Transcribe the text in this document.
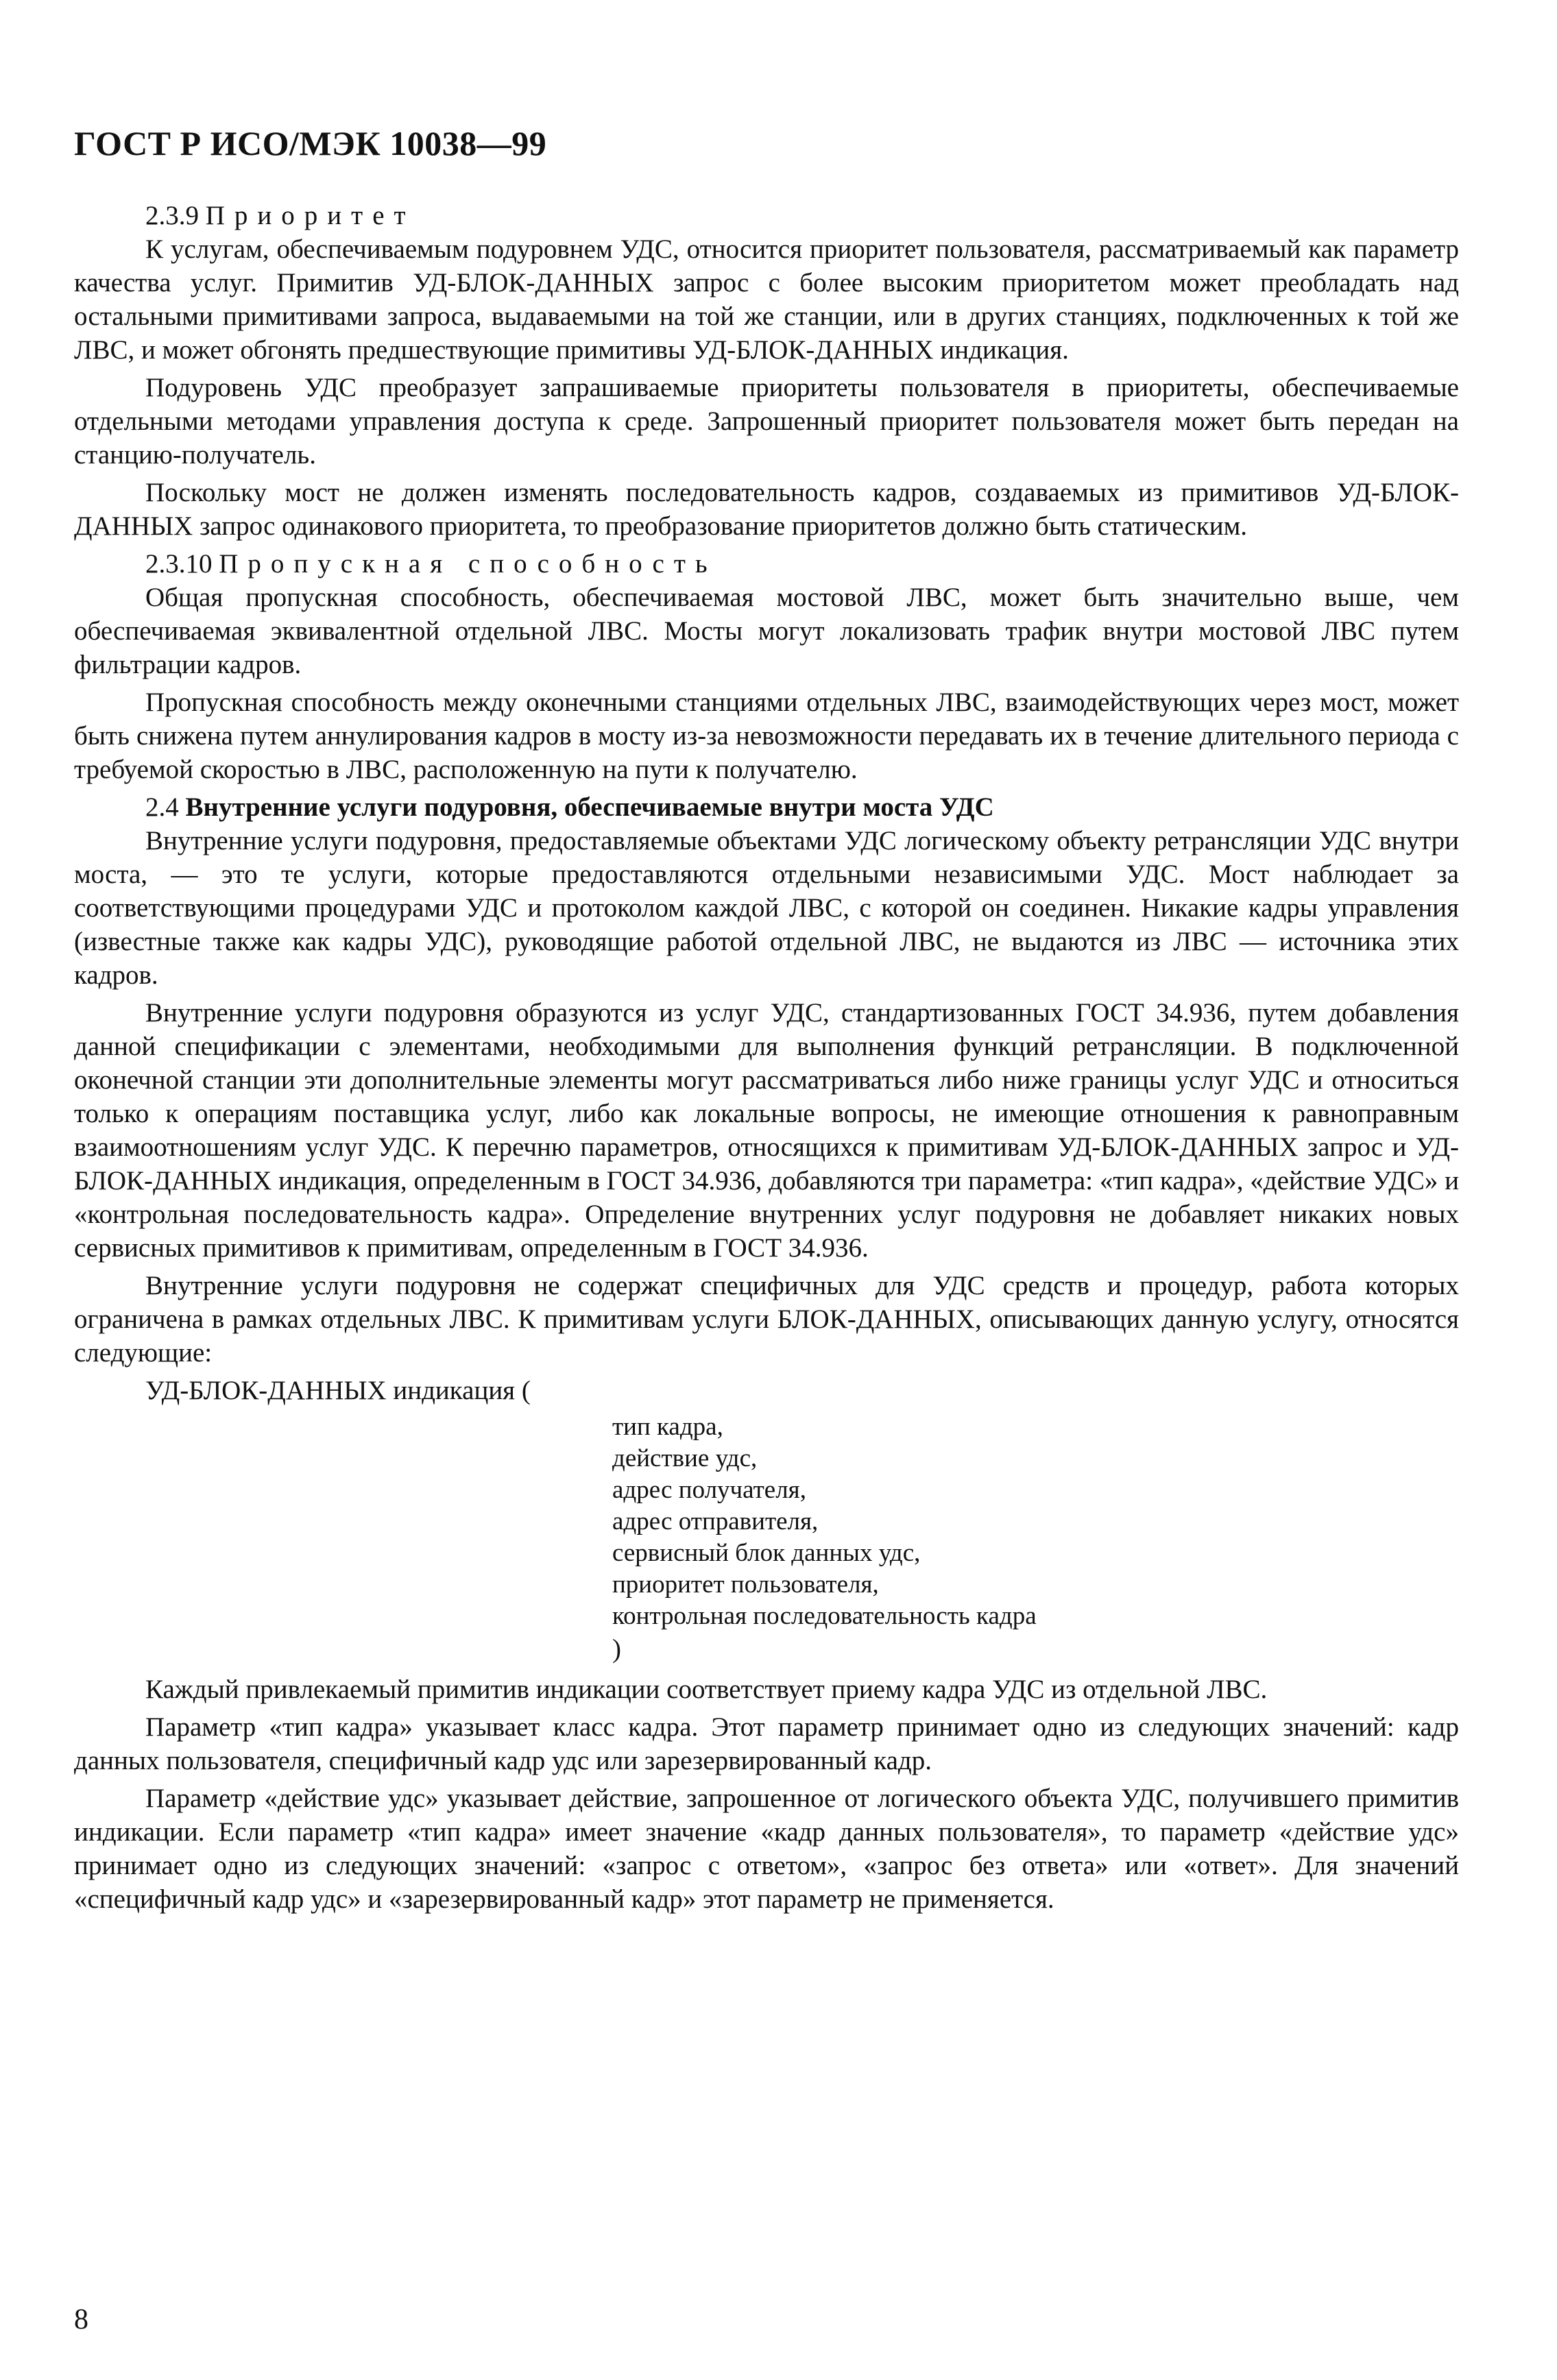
ГОСТ Р ИСО/МЭК 10038—99

2.3.9 Приоритет

К услугам, обеспечиваемым подуровнем УДС, относится приоритет пользователя, рассматриваемый как параметр качества услуг. Примитив УД-БЛОК-ДАННЫХ запрос с более высоким приоритетом может преобладать над остальными примитивами запроса, выдаваемыми на той же станции, или в других станциях, подключенных к той же ЛВС, и может обгонять предшествующие примитивы УД-БЛОК-ДАННЫХ индикация.

Подуровень УДС преобразует запрашиваемые приоритеты пользователя в приоритеты, обеспечиваемые отдельными методами управления доступа к среде. Запрошенный приоритет пользователя может быть передан на станцию-получатель.

Поскольку мост не должен изменять последовательность кадров, создаваемых из примитивов УД-БЛОК-ДАННЫХ запрос одинакового приоритета, то преобразование приоритетов должно быть статическим.

2.3.10 Пропускная способность

Общая пропускная способность, обеспечиваемая мостовой ЛВС, может быть значительно выше, чем обеспечиваемая эквивалентной отдельной ЛВС. Мосты могут локализовать трафик внутри мостовой ЛВС путем фильтрации кадров.

Пропускная способность между оконечными станциями отдельных ЛВС, взаимодействующих через мост, может быть снижена путем аннулирования кадров в мосту из-за невозможности передавать их в течение длительного периода с требуемой скоростью в ЛВС, расположенную на пути к получателю.

2.4 Внутренние услуги подуровня, обеспечиваемые внутри моста УДС

Внутренние услуги подуровня, предоставляемые объектами УДС логическому объекту ретрансляции УДС внутри моста, — это те услуги, которые предоставляются отдельными независимыми УДС. Мост наблюдает за соответствующими процедурами УДС и протоколом каждой ЛВС, с которой он соединен. Никакие кадры управления (известные также как кадры УДС), руководящие работой отдельной ЛВС, не выдаются из ЛВС — источника этих кадров.

Внутренние услуги подуровня образуются из услуг УДС, стандартизованных ГОСТ 34.936, путем добавления данной спецификации с элементами, необходимыми для выполнения функций ретрансляции. В подключенной оконечной станции эти дополнительные элементы могут рассматриваться либо ниже границы услуг УДС и относиться только к операциям поставщика услуг, либо как локальные вопросы, не имеющие отношения к равноправным взаимоотношениям услуг УДС. К перечню параметров, относящихся к примитивам УД-БЛОК-ДАННЫХ запрос и УД-БЛОК-ДАННЫХ индикация, определенным в ГОСТ 34.936, добавляются три параметра: «тип кадра», «действие УДС» и «контрольная последовательность кадра». Определение внутренних услуг подуровня не добавляет никаких новых сервисных примитивов к примитивам, определенным в ГОСТ 34.936.

Внутренние услуги подуровня не содержат специфичных для УДС средств и процедур, работа которых ограничена в рамках отдельных ЛВС. К примитивам услуги БЛОК-ДАННЫХ, описывающих данную услугу, относятся следующие:

УД-БЛОК-ДАННЫХ индикация (

тип кадра,
действие удс,
адрес получателя,
адрес отправителя,
сервисный блок данных удс,
приоритет пользователя,
контрольная последовательность кадра
)

Каждый привлекаемый примитив индикации соответствует приему кадра УДС из отдельной ЛВС.

Параметр «тип кадра» указывает класс кадра. Этот параметр принимает одно из следующих значений: кадр данных пользователя, специфичный кадр удс или зарезервированный кадр.

Параметр «действие удс» указывает действие, запрошенное от логического объекта УДС, получившего примитив индикации. Если параметр «тип кадра» имеет значение «кадр данных пользователя», то параметр «действие удс» принимает одно из следующих значений: «запрос с ответом», «запрос без ответа» или «ответ». Для значений «специфичный кадр удс» и «зарезервированный кадр» этот параметр не применяется.

8
